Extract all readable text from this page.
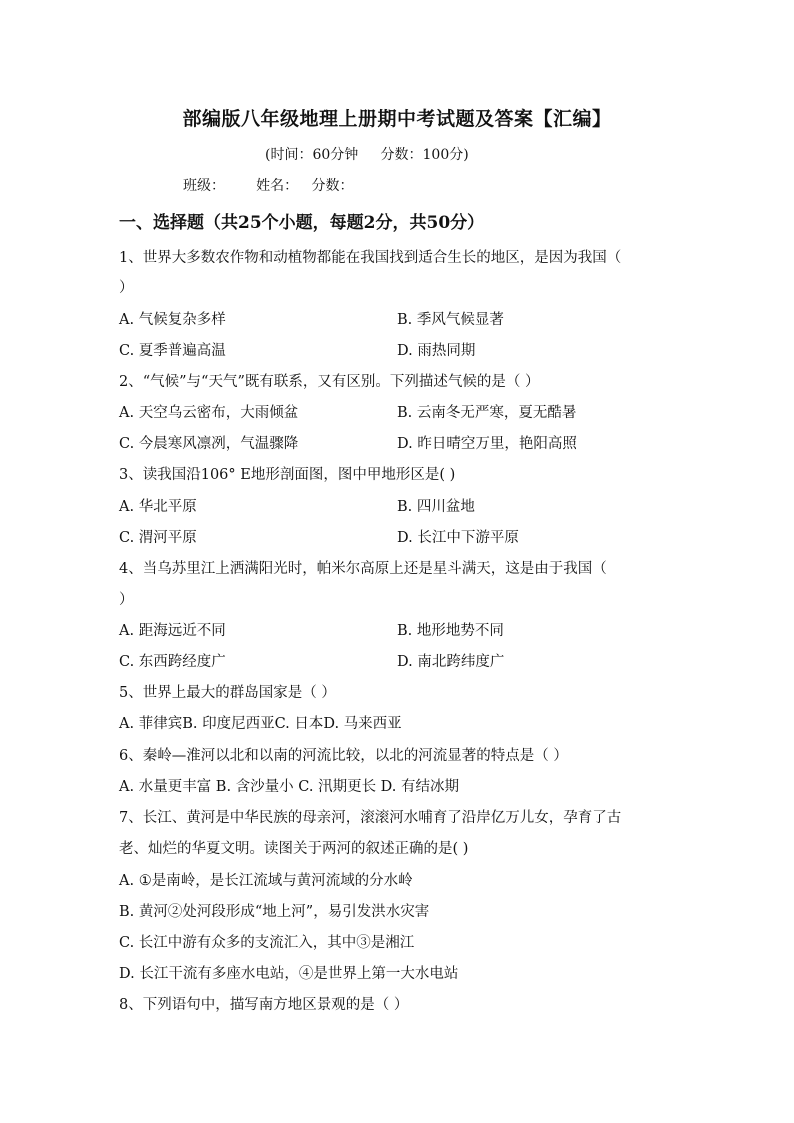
部编版八年级地理上册期中考试题及答案【汇编】
(时间：60分钟     分数：100分)
班级：       姓名：   分数：
一、选择题（共25个小题，每题2分，共50分）
1、世界大多数农作物和动植物都能在我国找到适合生长的地区，是因为我国（
）
A. 气候复杂多样	B. 季风气候显著
C. 夏季普遍高温	D. 雨热同期
2、“气候”与“天气”既有联系，又有区别。下列描述气候的是（ ）
A. 天空乌云密布，大雨倾盆	B. 云南冬无严寒，夏无酷暑
C. 今晨寒风凛冽，气温骤降	D. 昨日晴空万里，艳阳高照
3、读我国沿106° E地形剖面图，图中甲地形区是( )
A. 华北平原	B. 四川盆地
C. 渭河平原	D. 长江中下游平原
4、当乌苏里江上洒满阳光时，帕米尔高原上还是星斗满天，这是由于我国（
）
A. 距海远近不同	B. 地形地势不同
C. 东西跨经度广	D. 南北跨纬度广
5、世界上最大的群岛国家是（ ）
A. 菲律宾B. 印度尼西亚C. 日本D. 马来西亚
6、秦岭—淮河以北和以南的河流比较，以北的河流显著的特点是（ ）
A. 水量更丰富 B. 含沙量小 C. 汛期更长 D. 有结冰期
7、长江、黄河是中华民族的母亲河，滚滚河水哺育了沿岸亿万儿女，孕育了古
老、灿烂的华夏文明。读图关于两河的叙述正确的是( )
A. ①是南岭，是长江流域与黄河流域的分水岭
B. 黄河②处河段形成“地上河”，易引发洪水灾害
C. 长江中游有众多的支流汇入，其中③是湘江
D. 长江干流有多座水电站，④是世界上第一大水电站
8、下列语句中，描写南方地区景观的是（ ）
